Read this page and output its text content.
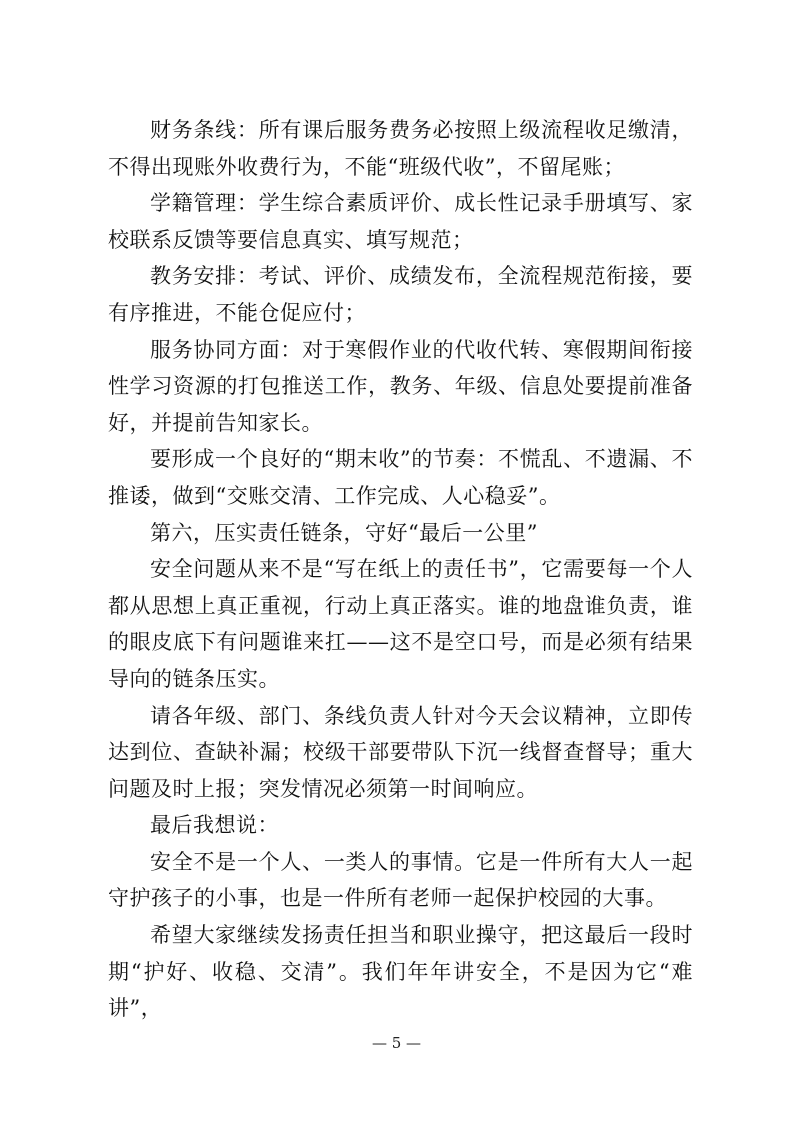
财务条线：所有课后服务费务必按照上级流程收足缴清，不得出现账外收费行为，不能“班级代收”，不留尾账；

学籍管理：学生综合素质评价、成长性记录手册填写、家校联系反馈等要信息真实、填写规范；

教务安排：考试、评价、成绩发布，全流程规范衔接，要有序推进，不能仓促应付；

服务协同方面：对于寒假作业的代收代转、寒假期间衔接性学习资源的打包推送工作，教务、年级、信息处要提前准备好，并提前告知家长。

要形成一个良好的“期末收”的节奏：不慌乱、不遗漏、不推诿，做到“交账交清、工作完成、人心稳妥”。

第六，压实责任链条，守好“最后一公里”

安全问题从来不是“写在纸上的责任书”，它需要每一个人都从思想上真正重视，行动上真正落实。谁的地盘谁负责，谁的眼皮底下有问题谁来扛——这不是空口号，而是必须有结果导向的链条压实。

请各年级、部门、条线负责人针对今天会议精神，立即传达到位、查缺补漏；校级干部要带队下沉一线督查督导；重大问题及时上报；突发情况必须第一时间响应。

最后我想说：

安全不是一个人、一类人的事情。它是一件所有大人一起守护孩子的小事，也是一件所有老师一起保护校园的大事。

希望大家继续发扬责任担当和职业操守，把这最后一段时期“护好、收稳、交清”。我们年年讲安全，不是因为它“难讲”，

— 5 —
